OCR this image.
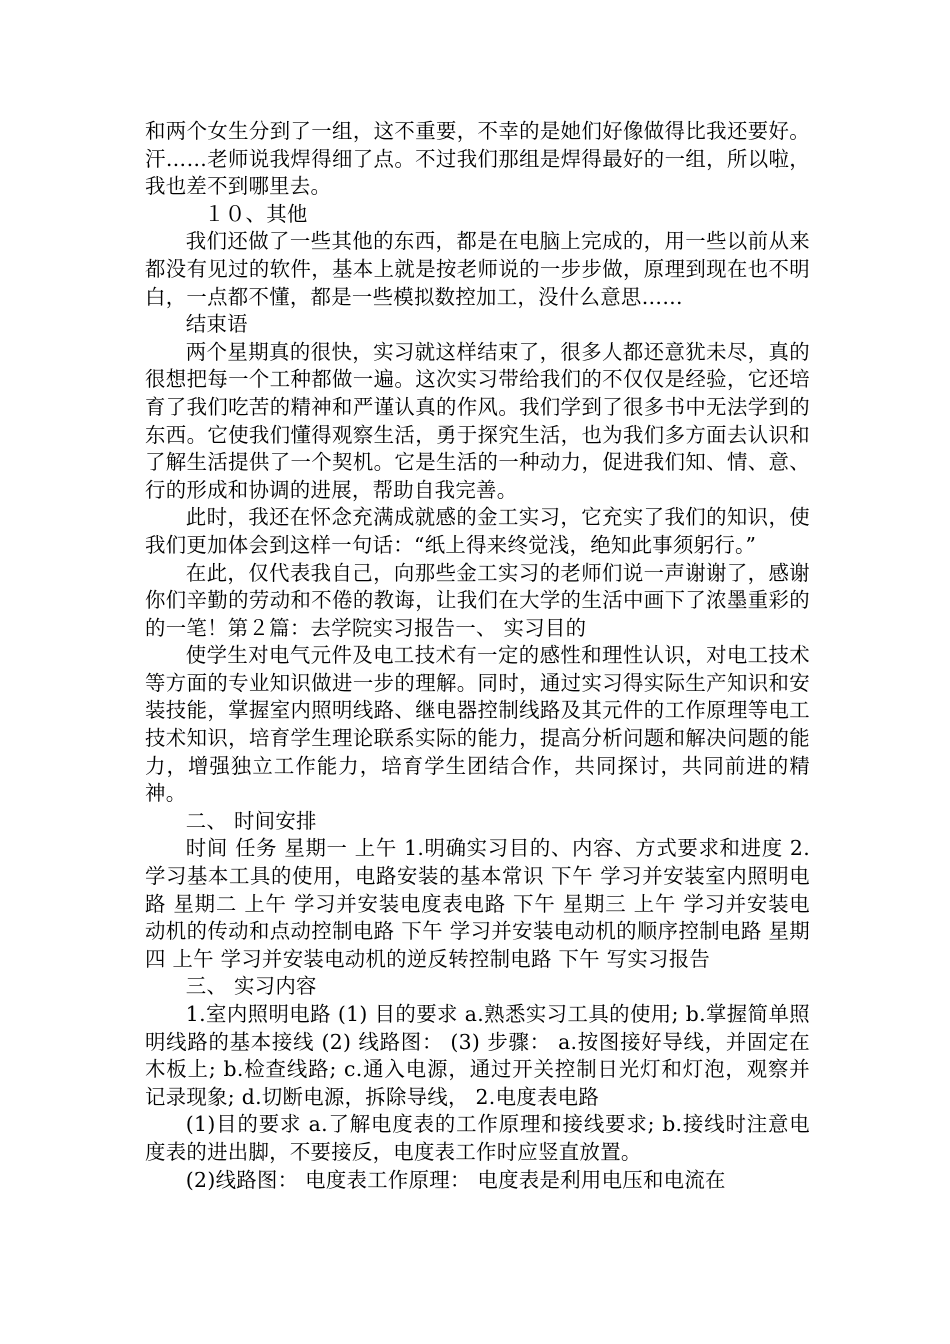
和两个女生分到了一组，这不重要，不幸的是她们好像做得比我还要好。汗……老师说我焊得细了点。不过我们那组是焊得最好的一组，所以啦，我也差不到哪里去。

１０、其他

我们还做了一些其他的东西，都是在电脑上完成的，用一些以前从来都没有见过的软件，基本上就是按老师说的一步步做，原理到现在也不明白，一点都不懂，都是一些模拟数控加工，没什么意思……

结束语

两个星期真的很快，实习就这样结束了，很多人都还意犹未尽，真的很想把每一个工种都做一遍。这次实习带给我们的不仅仅是经验，它还培育了我们吃苦的精神和严谨认真的作风。我们学到了很多书中无法学到的东西。它使我们懂得观察生活，勇于探究生活，也为我们多方面去认识和了解生活提供了一个契机。它是生活的一种动力，促进我们知、情、意、行的形成和协调的进展，帮助自我完善。

此时，我还在怀念充满成就感的金工实习，它充实了我们的知识，使我们更加体会到这样一句话：“纸上得来终觉浅，绝知此事须躬行。”

在此，仅代表我自己，向那些金工实习的老师们说一声谢谢了，感谢你们辛勤的劳动和不倦的教诲，让我们在大学的生活中画下了浓墨重彩的的一笔！第２篇：去学院实习报告一、 实习目的

使学生对电气元件及电工技术有一定的感性和理性认识，对电工技术等方面的专业知识做进一步的理解。同时，通过实习得实际生产知识和安装技能，掌握室内照明线路、继电器控制线路及其元件的工作原理等电工技术知识，培育学生理论联系实际的能力，提高分析问题和解决问题的能力，增强独立工作能力，培育学生团结合作，共同探讨，共同前进的精神。

二、 时间安排

时间 任务 星期一 上午 1.明确实习目的、内容、方式要求和进度 2.学习基本工具的使用，电路安装的基本常识 下午 学习并安装室内照明电路 星期二 上午 学习并安装电度表电路 下午 星期三 上午 学习并安装电动机的传动和点动控制电路 下午 学习并安装电动机的顺序控制电路 星期四 上午 学习并安装电动机的逆反转控制电路 下午 写实习报告

三、 实习内容

1.室内照明电路 (1) 目的要求 a.熟悉实习工具的使用; b.掌握简单照明线路的基本接线 (2) 线路图： (3) 步骤： a.按图接好导线，并固定在木板上; b.检查线路; c.通入电源，通过开关控制日光灯和灯泡，观察并记录现象; d.切断电源，拆除导线， 2.电度表电路

(1)目的要求 a.了解电度表的工作原理和接线要求; b.接线时注意电度表的进出脚，不要接反，电度表工作时应竖直放置。

(2)线路图： 电度表工作原理： 电度表是利用电压和电流在
